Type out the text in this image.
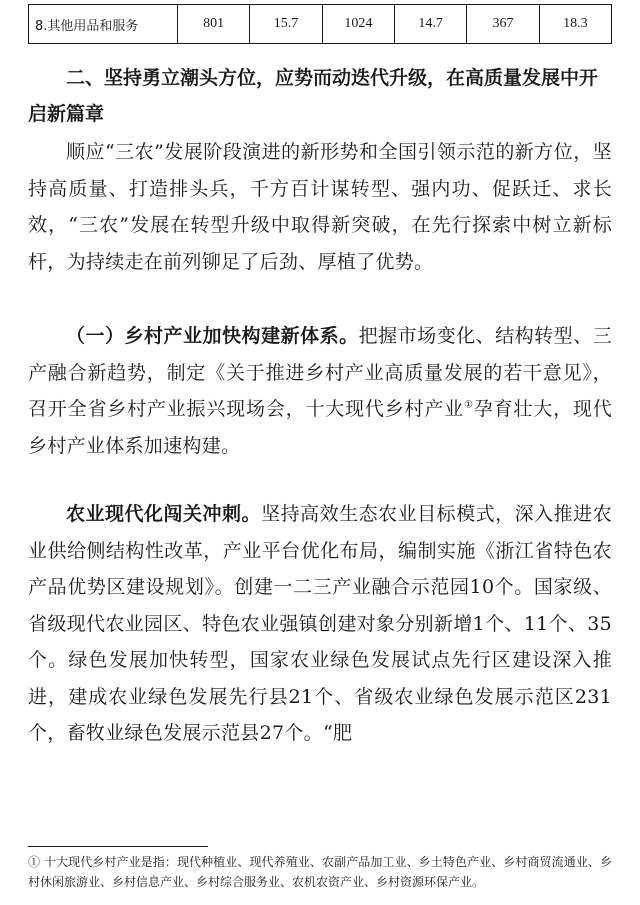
8.其他用品和服务	801	15.7	1024	14.7	367	18.3
二、坚持勇立潮头方位，应势而动迭代升级，在高质量发展中开启新篇章

顺应“三农”发展阶段演进的新形势和全国引领示范的新方位，坚持高质量、打造排头兵，千方百计谋转型、强内功、促跃迁、求长效，“三农”发展在转型升级中取得新突破，在先行探索中树立新标杆，为持续走在前列铆足了后劲、厚植了优势。

（一）乡村产业加快构建新体系。把握市场变化、结构转型、三产融合新趋势，制定《关于推进乡村产业高质量发展的若干意见》，召开全省乡村产业振兴现场会，十大现代乡村产业①孕育壮大，现代乡村产业体系加速构建。

农业现代化闯关冲刺。坚持高效生态农业目标模式，深入推进农业供给侧结构性改革，产业平台优化布局，编制实施《浙江省特色农产品优势区建设规划》。创建一二三产业融合示范园10个。国家级、省级现代农业园区、特色农业强镇创建对象分别新增1个、11个、35个。绿色发展加快转型，国家农业绿色发展试点先行区建设深入推进，建成农业绿色发展先行县21个、省级农业绿色发展示范区231个，畜牧业绿色发展示范县27个。“肥

① 十大现代乡村产业是指：现代种植业、现代养殖业、农副产品加工业、乡土特色产业、乡村商贸流通业、乡村休闲旅游业、乡村信息产业、乡村综合服务业、农机农资产业、乡村资源环保产业。
